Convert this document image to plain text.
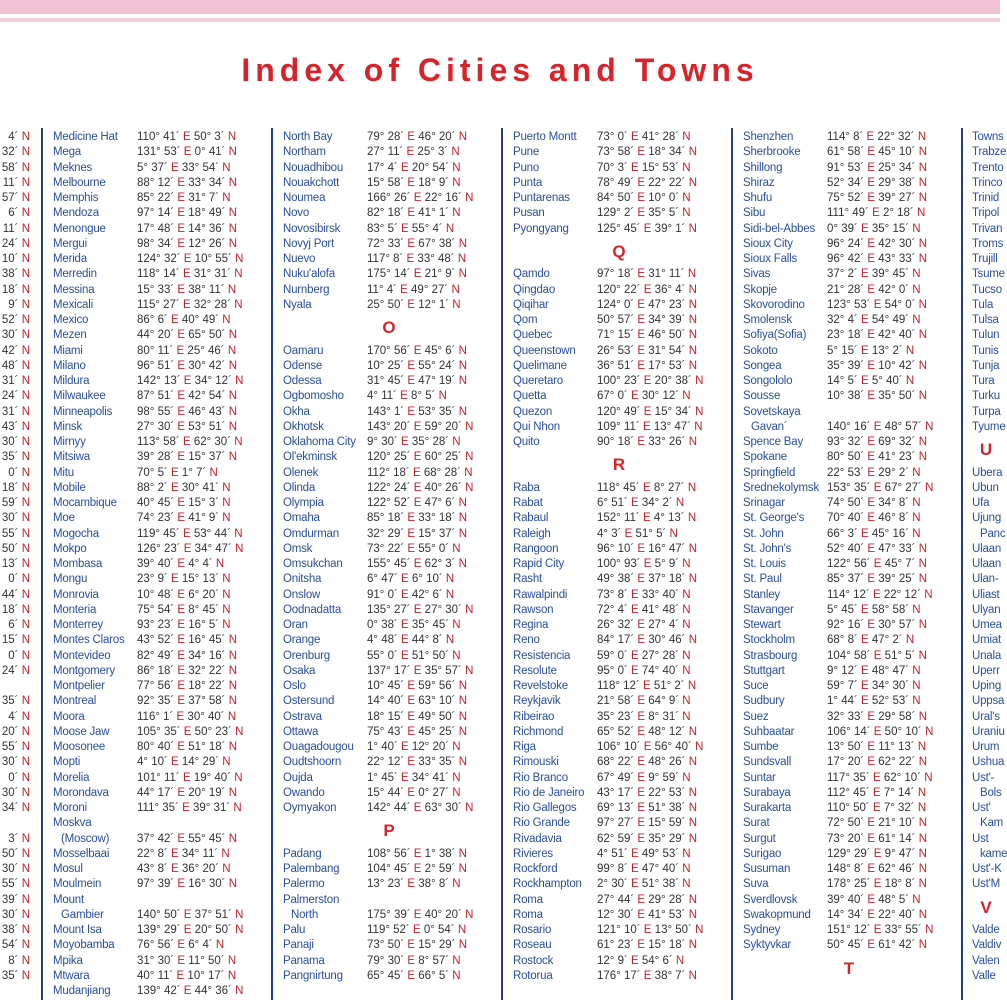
Index of Cities and Towns
4´ N
32´ N
58´ N
11´ N
57´ N
6´ N
11´ N
24´ N
10´ N
38´ N
18´ N
9´ N
52´ N
30´ N
42´ N
48´ N
31´ N
24´ N
31´ N
43´ N
30´ N
35´ N
0´ N
18´ N
59´ N
30´ N
55´ N
50´ N
13´ N
0´ N
44´ N
18´ N
6´ N
15´ N
0´ N
24´ N
35´ N
4´ N
20´ N
55´ N
30´ N
0´ N
30´ N
34´ N
3´ N
50´ N
30´ N
55´ N
39´ N
30´ N
38´ N
54´ N
8´ N
35´ N
Medicine Hat 110° 41´ E 50° 3´ N
Mega	131° 53´ E 0° 41´ N
Meknes	5° 37´ E 33° 54´ N
Melbourne	88° 12´ E 33° 34´ N
Memphis	85° 22´ E 31° 7´ N
Mendoza	97° 14´ E 18° 49´ N
Menongue	17° 48´ E 14° 36´ N
Mergui	98° 34´ E 12° 26´ N
Merida	124° 32´ E 10° 55´ N
Merredin	118° 14´ E 31° 31´ N
Messina	15° 33´ E 38° 11´ N
Mexicali	115° 27´ E 32° 28´ N
Mexico	86° 6´ E 40° 49´ N
Mezen	44° 20´ E 65° 50´ N
Miami	80° 11´ E 25° 46´ N
Milano	96° 51´ E 30° 42´ N
Mildura	142° 13´ E 34° 12´ N
Milwaukee	87° 51´ E 42° 54´ N
Minneapolis 98° 55´ E 46° 43´ N
Minsk	27° 30´ E 53° 51´ N
Mirnyy	113° 58´ E 62° 30´ N
Mitsiwa	39° 28´ E 15° 37´ N
Mitu	70° 5´ E 1° 7´ N
Mobile	88° 2´ E 30° 41´ N
Mocambique 40° 45´ E 15° 3´ N
Moe	74° 23´ E 41° 9´ N
Mogocha	119° 45´ E 53° 44´ N
Mokpo	126° 23´ E 34° 47´ N
Mombasa	39° 40´ E 4° 4´ N
Mongu	23° 9´ E 15° 13´ N
Monrovia	10° 48´ E 6° 20´ N
Monteria	75° 54´ E 8° 45´ N
Monterrey	93° 23´ E 16° 5´ N
Montes Claros 43° 52´ E 16° 45´ N
Montevideo 82° 49´ E 34° 16´ N
Montgomery 86° 18´ E 32° 22´ N
Montpelier	77° 56´ E 18° 22´ N
Montreal	92° 35´ E 37° 58´ N
Moora	116° 1´ E 30° 40´ N
Moose Jaw 105° 35´ E 50° 23´ N
Moosonee	80° 40´ E 51° 18´ N
Mopti	4° 10´ E 14° 29´ N
Morelia	101° 11´ E 19° 40´ N
Morondava 44° 17´ E 20° 19´ N
Moroni	111° 35´ E 39° 31´ N
Moskva
(Moscow) 37° 42´ E 55° 45´ N
Mosselbaai 22° 8´ E 34° 11´ N
Mosul	43° 8´ E 36° 20´ N
Moulmein	97° 39´ E 16° 30´ N
Mount
Gambier	140° 50´ E 37° 51´ N
Mount Isa	139° 29´ E 20° 50´ N
Moyobamba 76° 56´ E 6° 4´ N
Mpika	31° 30´ E 11° 50´ N
Mtwara	40° 11´ E 10° 17´ N
Mudanjiang 139° 42´ E 44° 36´ N
North Bay	79° 28´ E 46° 20´ N
Northam	27° 11´ E 25° 3´ N
Nouadhibou 17° 4´ E 20° 54´ N
Nouakchott 15° 58´ E 18° 9´ N
Noumea	166° 26´ E 22° 16´ N
Novo	82° 18´ E 41° 1´ N
Novosibirsk 83° 5´ E 55° 4´ N
Novyj Port	72° 33´ E 67° 38´ N
Nuevo	117° 8´ E 33° 48´ N
Nuku'alofa	175° 14´ E 21° 9´ N
Nurnberg	11° 4´ E 49° 27´ N
Nyala	25° 50´ E 12° 1´ N
O
Oamaru	170° 56´ E 45° 6´ N
Odense	10° 25´ E 55° 24´ N
Odessa	31° 45´ E 47° 19´ N
Ogbomosho 4° 11´ E 8° 5´ N
Okha	143° 1´ E 53° 35´ N
Okhotsk	143° 20´ E 59° 20´ N
Oklahoma City 9° 30´ E 35° 28´ N
Ol'ekminsk	120° 25´ E 60° 25´ N
Olenek	112° 18´ E 68° 28´ N
Olinda	122° 24´ E 40° 26´ N
Olympia	122° 52´ E 47° 6´ N
Omaha	85° 18´ E 33° 18´ N
Omdurman 32° 29´ E 15° 37´ N
Omsk	73° 22´ E 55° 0´ N
Omsukchan 155° 45´ E 62° 3´ N
Onitsha	6° 47´ E 6° 10´ N
Onslow	91° 0´ E 42° 6´ N
Oodnadatta 135° 27´ E 27° 30´ N
Oran	0° 38´ E 35° 45´ N
Orange	4° 48´ E 44° 8´ N
Orenburg	55° 0´ E 51° 50´ N
Osaka	137° 17´ E 35° 57´ N
Oslo	10° 45´ E 59° 56´ N
Ostersund	14° 40´ E 63° 10´ N
Ostrava	18° 15´ E 49° 50´ N
Ottawa	75° 43´ E 45° 25´ N
Ouagadougou 1° 40´ E 12° 20´ N
Oudtshoorn 22° 12´ E 33° 35´ N
Oujda	1° 45´ E 34° 41´ N
Owando	15° 44´ E 0° 27´ N
Oymyakon	142° 44´ E 63° 30´ N
P
Padang	108° 56´ E 1° 38´ N
Palembang 104° 45´ E 2° 59´ N
Palermo	13° 23´ E 38° 8´ N
Palmerston
North	175° 39´ E 40° 20´ N
Palu	119° 52´ E 0° 54´ N
Panaji	73° 50´ E 15° 29´ N
Panama	79° 30´ E 8° 57´ N
Pangnirtung 65° 45´ E 66° 5´ N
Puerto Montt 73° 0´ E 41° 28´ N
Pune	73° 58´ E 18° 34´ N
Puno	70° 3´ E 15° 53´ N
Punta	78° 49´ E 22° 22´ N
Puntarenas 84° 50´ E 10° 0´ N
Pusan	129° 2´ E 35° 5´ N
Pyongyang 125° 45´ E 39° 1´ N
Q
Qamdo	97° 18´ E 31° 11´ N
Qingdao	120° 22´ E 36° 4´ N
Qiqihar	124° 0´ E 47° 23´ N
Qom	50° 57´ E 34° 39´ N
Quebec	71° 15´ E 46° 50´ N
Queenstown 26° 53´ E 31° 54´ N
Quelimane	36° 51´ E 17° 53´ N
Queretaro	100° 23´ E 20° 38´ N
Quetta	67° 0´ E 30° 12´ N
Quezon	120° 49´ E 15° 34´ N
Qui Nhon	109° 11´ E 13° 47´ N
Quito	90° 18´ E 33° 26´ N
R
Raba	118° 45´ E 8° 27´ N
Rabat	6° 51´ E 34° 2´ N
Rabaul	152° 11´ E 4° 13´ N
Raleigh	4° 3´ E 51° 5´ N
Rangoon	96° 10´ E 16° 47´ N
Rapid City	100° 93´ E 5° 9´ N
Rasht	49° 38´ E 37° 18´ N
Rawalpindi	73° 8´ E 33° 40´ N
Rawson	72° 4´ E 41° 48´ N
Regina	26° 32´ E 27° 4´ N
Reno	84° 17´ E 30° 46´ N
Resistencia 59° 0´ E 27° 28´ N
Resolute	95° 0´ E 74° 40´ N
Revelstoke	118° 12´ E 51° 2´ N
Reykjavik	21° 58´ E 64° 9´ N
Ribeirao	35° 23´ E 8° 31´ N
Richmond	65° 52´ E 48° 12´ N
Riga	106° 10´ E 56° 40´ N
Rimouski	68° 22´ E 48° 26´ N
Rio Branco	67° 49´ E 9° 59´ N
Rio de Janeiro 43° 17´ E 22° 53´ N
Rio Gallegos 69° 13´ E 51° 38´ N
Rio Grande 97° 27´ E 15° 59´ N
Rivadavia	62° 59´ E 35° 29´ N
Rivieres	4° 51´ E 49° 53´ N
Rockford	99° 8´ E 47° 40´ N
Rockhampton 2° 30´ E 51° 38´ N
Roma	27° 44´ E 29° 28´ N
Roma	12° 30´ E 41° 53´ N
Rosario	121° 10´ E 13° 50´ N
Roseau	61° 23´ E 15° 18´ N
Rostock	12° 9´ E 54° 6´ N
Rotorua	176° 17´ E 38° 7´ N
Shenzhen	114° 8´ E 22° 32´ N
Sherbrooke 61° 58´ E 45° 10´ N
Shillong	91° 53´ E 25° 34´ N
Shiraz	52° 34´ E 29° 38´ N
Shufu	75° 52´ E 39° 27´ N
Sibu	111° 49´ E 2° 18´ N
Sidi-bel-Abbes 0° 39´ E 35° 15´ N
Sioux City	96° 24´ E 42° 30´ N
Sioux Falls	96° 42´ E 43° 33´ N
Sivas	37° 2´ E 39° 45´ N
Skopje	21° 28´ E 42° 0´ N
Skovorodino 123° 53´ E 54° 0´ N
Smolensk	32° 4´ E 54° 49´ N
Sofiya(Sofia) 23° 18´ E 42° 40´ N
Sokoto	5° 15´ E 13° 2´ N
Songea	35° 39´ E 10° 42´ N
Songololo	14° 5´ E 5° 40´ N
Sousse	10° 38´ E 35° 50´ N
Sovetskaya
Gavan´	140° 16´ E 48° 57´ N
Spence Bay 93° 32´ E 69° 32´ N
Spokane	80° 50´ E 41° 23´ N
Springfield	22° 53´ E 29° 2´ N
Srednekolymsk 153° 35´ E 67° 27´ N
Srinagar	74° 50´ E 34° 8´ N
St. George's 70° 40´ E 46° 8´ N
St. John	66° 3´ E 45° 16´ N
St. John's	52° 40´ E 47° 33´ N
St. Louis	122° 56´ E 45° 7´ N
St. Paul	85° 37´ E 39° 25´ N
Stanley	114° 12´ E 22° 12´ N
Stavanger	5° 45´ E 58° 58´ N
Stewart	92° 16´ E 30° 57´ N
Stockholm	68° 8´ E 47° 2´ N
Strasbourg	104° 58´ E 51° 5´ N
Stuttgart	9° 12´ E 48° 47´ N
Suce	59° 7´ E 34° 30´ N
Sudbury	1° 44´ E 52° 53´ N
Suez	32° 33´ E 29° 58´ N
Suhbaatar	106° 14´ E 50° 10´ N
Sumbe	13° 50´ E 11° 13´ N
Sundsvall	17° 20´ E 62° 22´ N
Suntar	117° 35´ E 62° 10´ N
Surabaya	112° 45´ E 7° 14´ N
Surakarta	110° 50´ E 7° 32´ N
Surat	72° 50´ E 21° 10´ N
Surgut	73° 20´ E 61° 14´ N
Surigao	129° 29´ E 9° 47´ N
Susuman	148° 8´ E 62° 46´ N
Suva	178° 25´ E 18° 8´ N
Sverdlovsk	39° 40´ E 48° 5´ N
Swakopmund 14° 34´ E 22° 40´ N
Sydney	151° 12´ E 33° 55´ N
Syktyvkar	50° 45´ E 61° 42´ N
T
Towns
Trabze
Trento
Trinco
Trinid
Tripol
Trivan
Troms
Trujill
Tsume
Tucso
Tula
Tulsa
Tulun
Tunis
Tunja
Tura
Turku
Turpa
Tyume
U
Ubera
Ubun
Ufa
Ujung
Panc
Ulaan
Ulaan
Ulan-
Uliast
Ulyan
Umea
Umiat
Unala
Uperr
Uping
Uppsa
Ural's
Uraniu
Urum
Ushua
Ust'-
Bols
Ust'
Kam
Ust
kame
Ust'-K
Ust'M
V
Valde
Valdiv
Valen
Valle
